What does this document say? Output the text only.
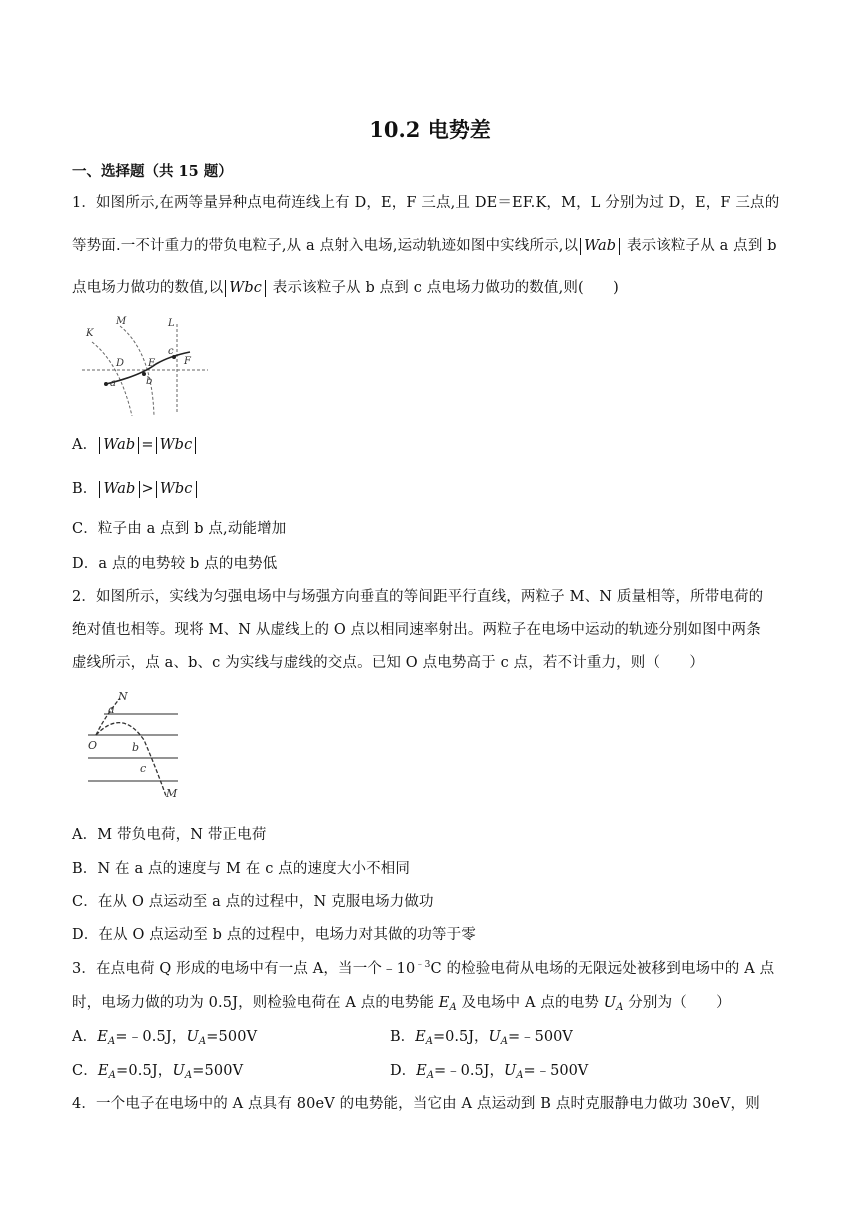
10.2 电势差
一、选择题（共 15 题）
1．如图所示,在两等量异种点电荷连线上有 D，E，F 三点,且 DE＝EF.K，M，L 分别为过 D，E，F 三点的
等势面.一不计重力的带负电粒子,从 a 点射入电场,运动轨迹如图中实线所示,以 Wab 表示该粒子从 a 点到 b
点电场力做功的数值,以 Wbc 表示该粒子从 b 点到 c 点电场力做功的数值,则(　　)
K
M	L
D E	F
a	b
c
A． Wab = Wbc
B． Wab > Wbc
C．粒子由 a 点到 b 点,动能增加
D．a 点的电势较 b 点的电势低
2．如图所示，实线为匀强电场中与场强方向垂直的等间距平行直线，两粒子 M、N 质量相等，所带电荷的
绝对值也相等。现将 M、N 从虚线上的 O 点以相同速率射出。两粒子在电场中运动的轨迹分别如图中两条
虚线所示，点 a、b、c 为实线与虚线的交点。已知 O 点电势高于 c 点，若不计重力，则（　　）
N
a
O	b
c
M
A．M 带负电荷，N 带正电荷
B．N 在 a 点的速度与 M 在 c 点的速度大小不相同
C．在从 O 点运动至 a 点的过程中，N 克服电场力做功
D．在从 O 点运动至 b 点的过程中，电场力对其做的功等于零
3．在点电荷 Q 形成的电场中有一点 A，当一个$﹣10^{﹣3}C$ 的检验电荷从电场的无限远处被移到电场中的 A 点
时，电场力做的功为 0.5J，则检验电荷在 A 点的电势能 $E_A$ 及电场中 A 点的电势 $U_A$ 分别为（　　）
A．$E_A=﹣0.5J$，$U_A=500V$	B．$E_A=0.5J$，$U_A=﹣500V$
C．$E_A=0.5J$，$U_A=500V$	D．$E_A=﹣0.5J$，$U_A=﹣500V$
4．一个电子在电场中的 A 点具有 80eV 的电势能，当它由 A 点运动到 B 点时克服静电力做功 30eV，则
